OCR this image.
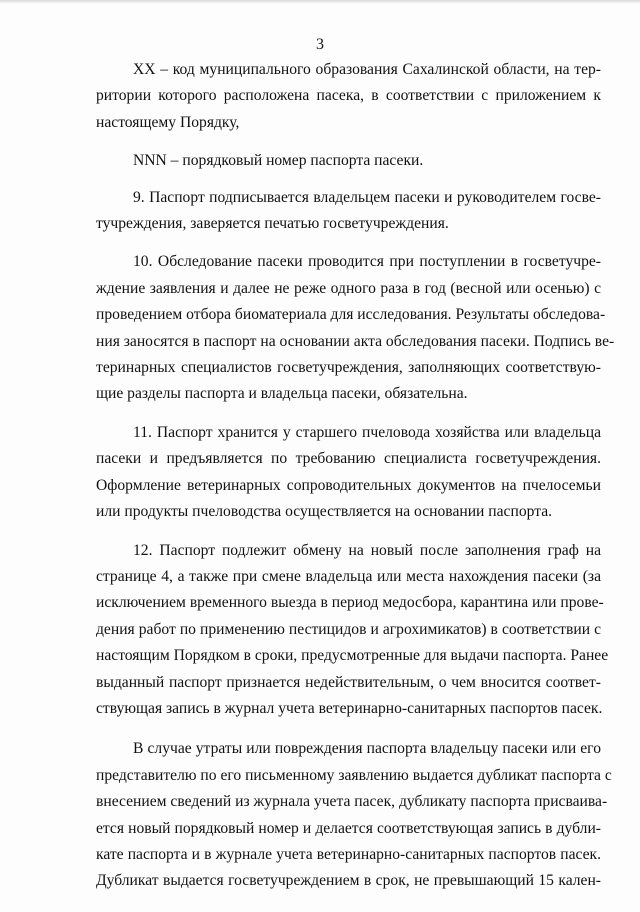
3

XX – код муниципального образования Сахалинской области, на тер-
ритории которого расположена пасека, в соответствии с приложением к
настоящему Порядку,

NNN – порядковый номер паспорта пасеки.

9. Паспорт подписывается владельцем пасеки и руководителем госве-
тучреждения, заверяется печатью госветучреждения.

10. Обследование пасеки проводится при поступлении в госветучре-
ждение заявления и далее не реже одного раза в год (весной или осенью) с
проведением отбора биоматериала для исследования. Результаты обследова-
ния заносятся в паспорт на основании акта обследования пасеки. Подпись ве-
теринарных специалистов госветучреждения, заполняющих соответствую-
щие разделы паспорта и владельца пасеки, обязательна.

11. Паспорт хранится у старшего пчеловода хозяйства или владельца
пасеки и предъявляется по требованию специалиста госветучреждения.
Оформление ветеринарных сопроводительных документов на пчелосемьи
или продукты пчеловодства осуществляется на основании паспорта.

12. Паспорт подлежит обмену на новый после заполнения граф на
странице 4, а также при смене владельца или места нахождения пасеки (за
исключением временного выезда в период медосбора, карантина или прове-
дения работ по применению пестицидов и агрохимикатов) в соответствии с
настоящим Порядком в сроки, предусмотренные для выдачи паспорта. Ранее
выданный паспорт признается недействительным, о чем вносится соответ-
ствующая запись в журнал учета ветеринарно-санитарных паспортов пасек.

В случае утраты или повреждения паспорта владельцу пасеки или его
представителю по его письменному заявлению выдается дубликат паспорта с
внесением сведений из журнала учета пасек, дубликату паспорта присваива-
ется новый порядковый номер и делается соответствующая запись в дубли-
кате паспорта и в журнале учета ветеринарно-санитарных паспортов пасек.
Дубликат выдается госветучреждением в срок, не превышающий 15 кален-
